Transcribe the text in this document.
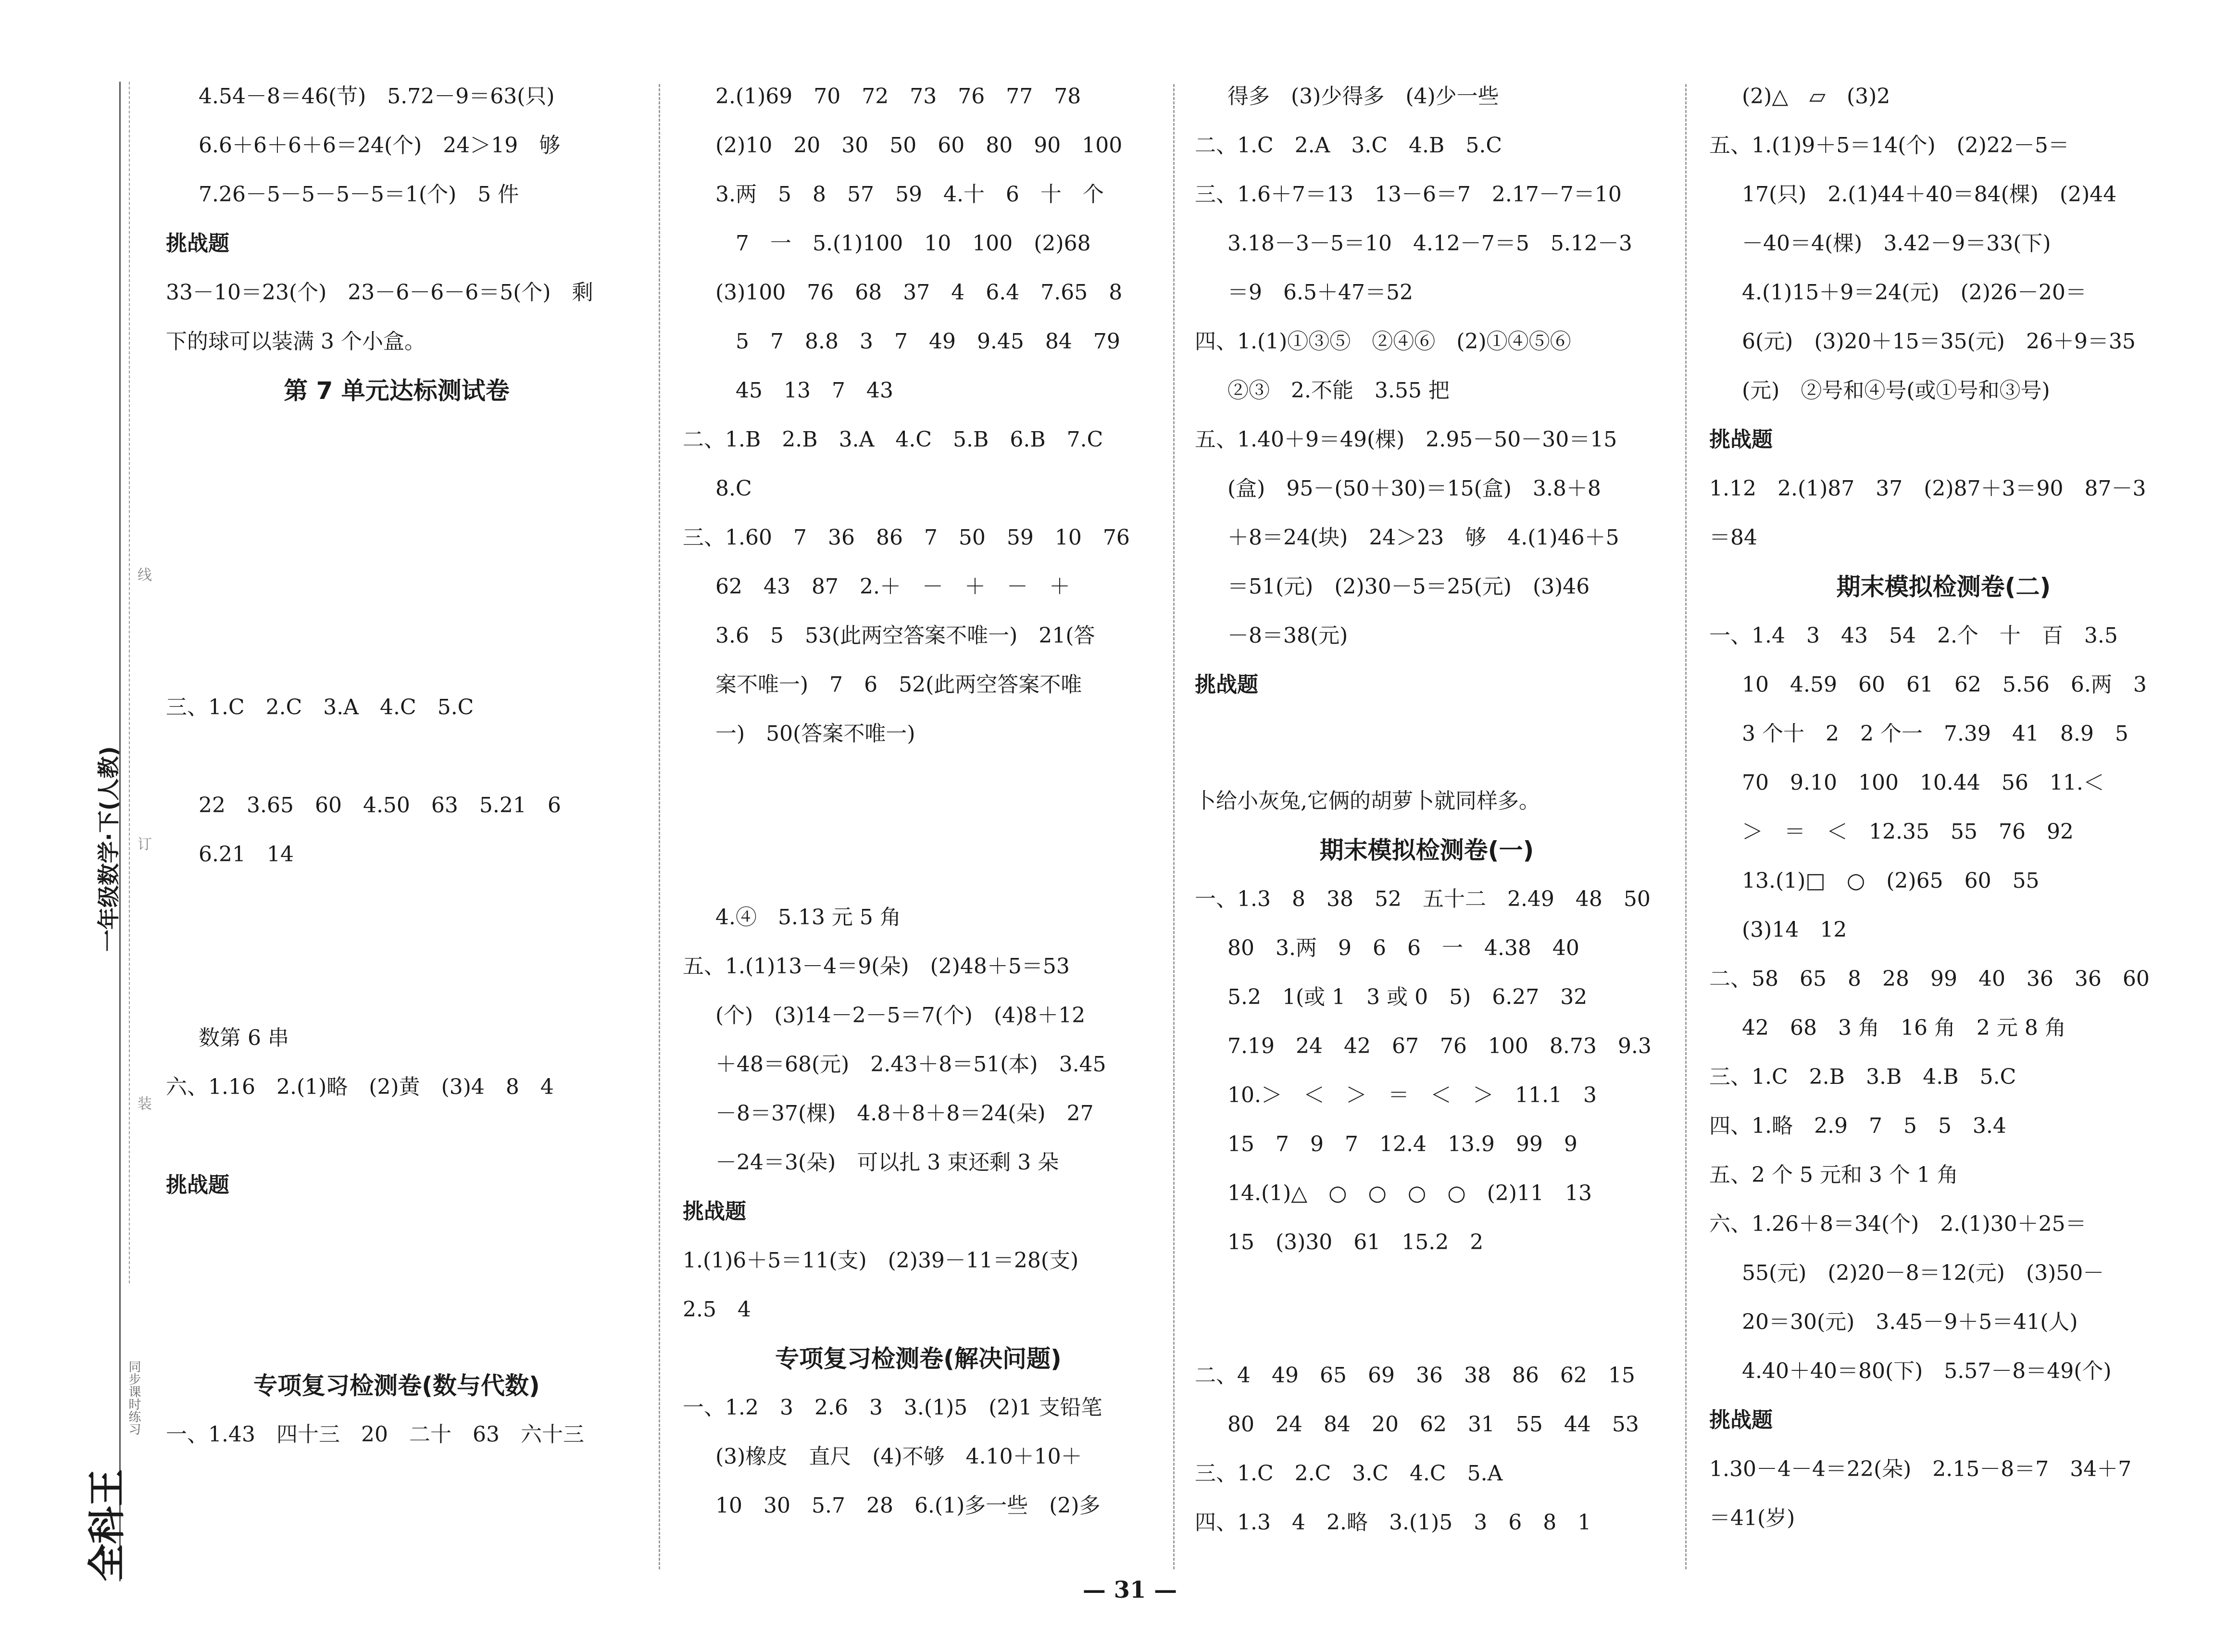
一年级数学·下(人教)
线
订
装
全科王
同步课时练习
4.54－8＝46(节)　5.72－9＝63(只)
6.6＋6＋6＋6＝24(个)　24＞19　够
7.26－5－5－5－5＝1(个)　5 件
挑战题
33－10＝23(个)　23－6－6－6＝5(个)　剩
下的球可以装满 3 个小盒。
第 7 单元达标测试卷

三、1.C　2.C　3.A　4.C　5.C

22　3.65　60　4.50　63　5.21　6
6.21　14

数第 6 串
六、1.16　2.(1)略　(2)黄　(3)4　8　4

挑战题

专项复习检测卷(数与代数)
一、1.43　四十三　20　二十　63　六十三
2.(1)69　70　72　73　76　77　78
(2)10　20　30　50　60　80　90　100
3.两　5　8　57　59　4.十　6　十　个
7　一　5.(1)100　10　100　(2)68
(3)100　76　68　37　4　6.4　7.65　8
5　7　8.8　3　7　49　9.45　84　79
45　13　7　43
二、1.B　2.B　3.A　4.C　5.B　6.B　7.C
8.C
三、1.60　7　36　86　7　50　59　10　76
62　43　87　2.＋　－　＋　－　＋
3.6　5　53(此两空答案不唯一)　21(答
案不唯一)　7　6　52(此两空答案不唯
一)　50(答案不唯一)

4.④　5.13 元 5 角
五、1.(1)13－4＝9(朵)　(2)48＋5＝53
(个)　(3)14－2－5＝7(个)　(4)8＋12
＋48＝68(元)　2.43＋8＝51(本)　3.45
－8＝37(棵)　4.8＋8＋8＝24(朵)　27
－24＝3(朵)　可以扎 3 束还剩 3 朵
挑战题
1.(1)6＋5＝11(支)　(2)39－11＝28(支)
2.5　4
专项复习检测卷(解决问题)
一、1.2　3　2.6　3　3.(1)5　(2)1 支铅笔
(3)橡皮　直尺　(4)不够　4.10＋10＋
10　30　5.7　28　6.(1)多一些　(2)多
得多　(3)少得多　(4)少一些
二、1.C　2.A　3.C　4.B　5.C
三、1.6＋7＝13　13－6＝7　2.17－7＝10
3.18－3－5＝10　4.12－7＝5　5.12－3
＝9　6.5＋47＝52
四、1.(1)①③⑤　②④⑥　(2)①④⑤⑥
②③　2.不能　3.55 把
五、1.40＋9＝49(棵)　2.95－50－30＝15
(盒)　95－(50＋30)＝15(盒)　3.8＋8
＋8＝24(块)　24＞23　够　4.(1)46＋5
＝51(元)　(2)30－5＝25(元)　(3)46
－8＝38(元)
挑战题

卜给小灰兔,它俩的胡萝卜就同样多。
期末模拟检测卷(一)
一、1.3　8　38　52　五十二　2.49　48　50
80　3.两　9　6　6　一　4.38　40
5.2　1(或 1　3 或 0　5)　6.27　32
7.19　24　42　67　76　100　8.73　9.3
10.＞　＜　＞　＝　＜　＞　11.1　3
15　7　9　7　12.4　13.9　99　9
14.(1)△　○　○　○　○　(2)11　13
15　(3)30　61　15.2　2

二、4　49　65　69　36　38　86　62　15
80　24　84　20　62　31　55　44　53
三、1.C　2.C　3.C　4.C　5.A
四、1.3　4　2.略　3.(1)5　3　6　8　1
(2)△　▱　(3)2
五、1.(1)9＋5＝14(个)　(2)22－5＝
17(只)　2.(1)44＋40＝84(棵)　(2)44
－40＝4(棵)　3.42－9＝33(下)
4.(1)15＋9＝24(元)　(2)26－20＝
6(元)　(3)20＋15＝35(元)　26＋9＝35
(元)　②号和④号(或①号和③号)
挑战题
1.12　2.(1)87　37　(2)87＋3＝90　87－3
＝84
期末模拟检测卷(二)
一、1.4　3　43　54　2.个　十　百　3.5
10　4.59　60　61　62　5.56　6.两　3
3 个十　2　2 个一　7.39　41　8.9　5
70　9.10　100　10.44　56　11.＜
＞　＝　＜　12.35　55　76　92
13.(1)□　○　(2)65　60　55
(3)14　12
二、58　65　8　28　99　40　36　36　60
42　68　3 角　16 角　2 元 8 角
三、1.C　2.B　3.B　4.B　5.C
四、1.略　2.9　7　5　5　3.4
五、2 个 5 元和 3 个 1 角
六、1.26＋8＝34(个)　2.(1)30＋25＝
55(元)　(2)20－8＝12(元)　(3)50－
20＝30(元)　3.45－9＋5＝41(人)
4.40＋40＝80(下)　5.57－8＝49(个)
挑战题
1.30－4－4＝22(朵)　2.15－8＝7　34＋7
＝41(岁)
— 31 —
